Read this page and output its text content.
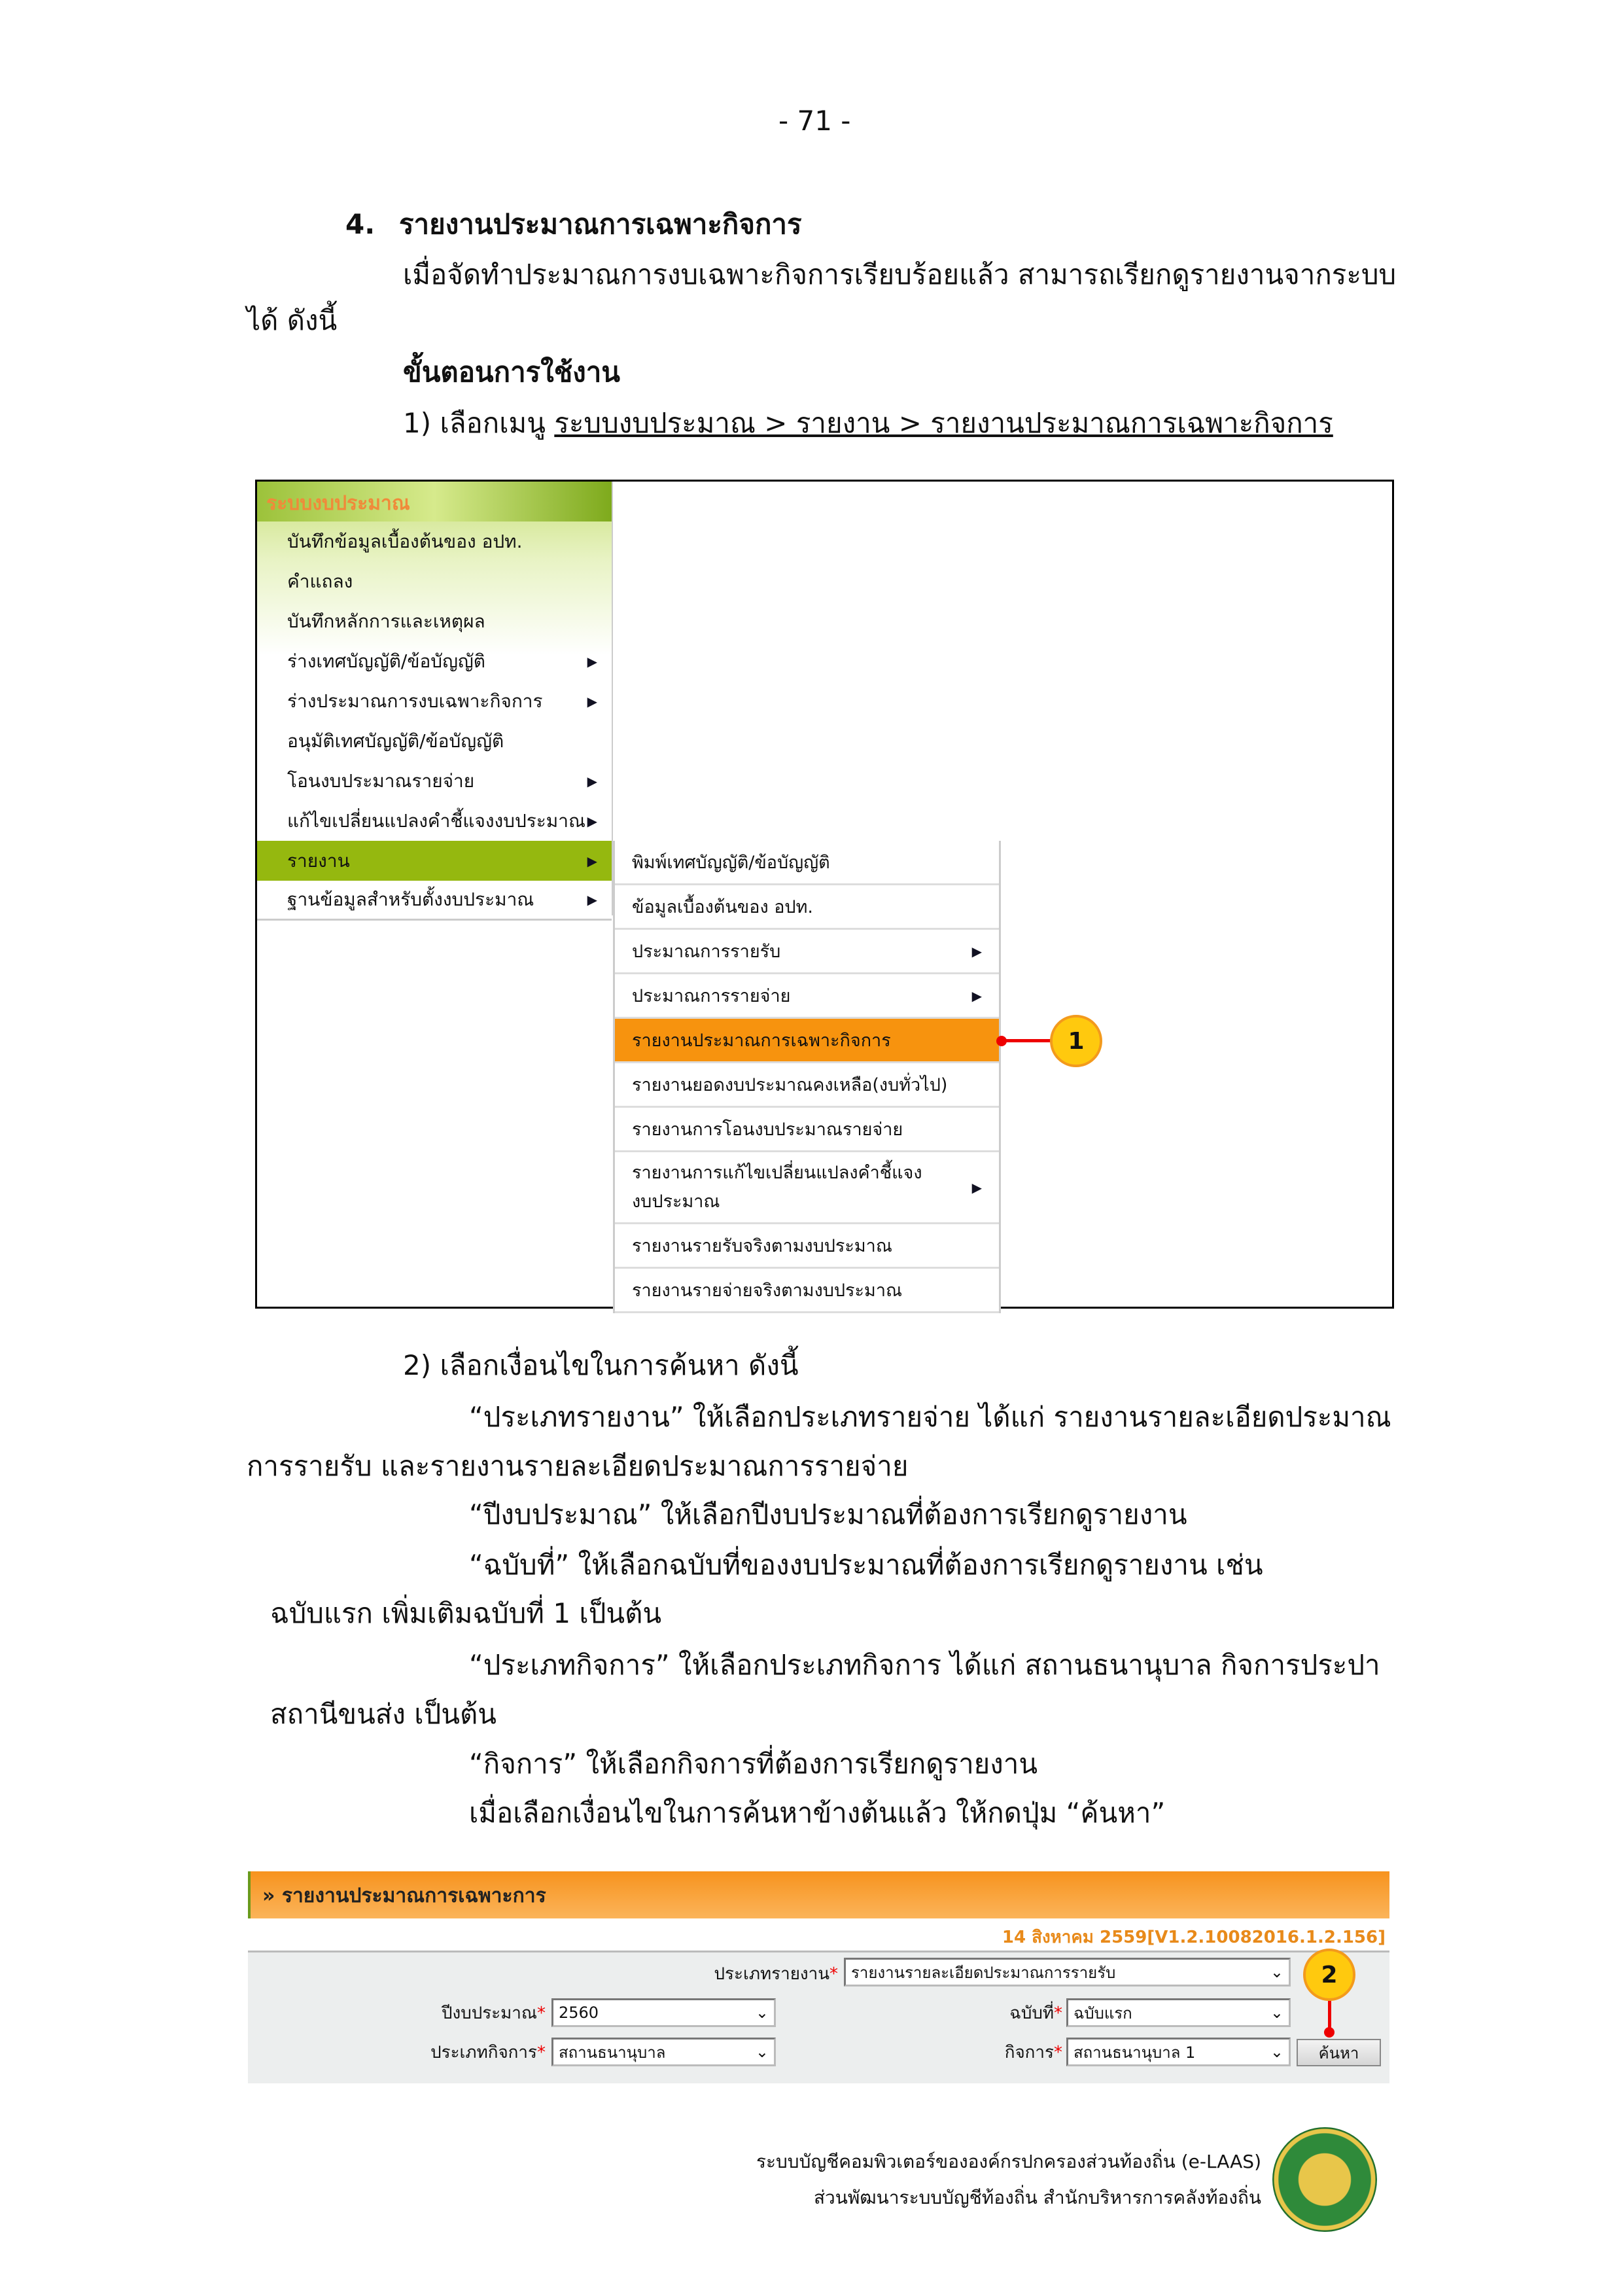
- 71 -
4. รายงานประมาณการเฉพาะกิจการ
เมื่อจัดทำประมาณการงบเฉพาะกิจการเรียบร้อยแล้ว สามารถเรียกดูรายงานจากระบบ
ได้ ดังนี้
ขั้นตอนการใช้งาน
1) เลือกเมนู ระบบงบประมาณ > รายงาน > รายงานประมาณการเฉพาะกิจการ
ระบบงบประมาณ
บันทึกข้อมูลเบื้องต้นของ อปท.
คำแถลง
บันทึกหลักการและเหตุผล
ร่างเทศบัญญัติ/ข้อบัญญัติ	▶
ร่างประมาณการงบเฉพาะกิจการ	▶
อนุมัติเทศบัญญัติ/ข้อบัญญัติ
โอนงบประมาณรายจ่าย	▶
แก้ไขเปลี่ยนแปลงคำชี้แจงงบประมาณ ▶
รายงาน	▶
ฐานข้อมูลสำหรับตั้งงบประมาณ	▶
พิมพ์เทศบัญญัติ/ข้อบัญญัติ
ข้อมูลเบื้องต้นของ อปท.
ประมาณการรายรับ	▶
ประมาณการรายจ่าย	▶
รายงานประมาณการเฉพาะกิจการ
รายงานยอดงบประมาณคงเหลือ(งบทั่วไป)
รายงานการโอนงบประมาณรายจ่าย
รายงานการแก้ไขเปลี่ยนแปลงคำชี้แจงงบประมาณ
▶
รายงานรายรับจริงตามงบประมาณ
รายงานรายจ่ายจริงตามงบประมาณ
1
2) เลือกเงื่อนไขในการค้นหา ดังนี้
“ประเภทรายงาน” ให้เลือกประเภทรายจ่าย ได้แก่ รายงานรายละเอียดประมาณ
การรายรับ และรายงานรายละเอียดประมาณการรายจ่าย
“ปีงบประมาณ” ให้เลือกปีงบประมาณที่ต้องการเรียกดูรายงาน
“ฉบับที่” ให้เลือกฉบับที่ของงบประมาณที่ต้องการเรียกดูรายงาน เช่น
ฉบับแรก เพิ่มเติมฉบับที่ 1 เป็นต้น
“ประเภทกิจการ” ให้เลือกประเภทกิจการ ได้แก่ สถานธนานุบาล กิจการประปา
สถานีขนส่ง เป็นต้น
“กิจการ” ให้เลือกกิจการที่ต้องการเรียกดูรายงาน
เมื่อเลือกเงื่อนไขในการค้นหาข้างต้นแล้ว ให้กดปุ่ม “ค้นหา”
» รายงานประมาณการเฉพาะการ
14 สิงหาคม 2559[V1.2.10082016.1.2.156]
ประเภทรายงาน* รายงานรายละเอียดประมาณการรายรับ	⌄
ปีงบประมาณ* 2560	⌄	ฉบับที่* ฉบับแรก	⌄
ประเภทกิจการ* สถานธนานุบาล	⌄	กิจการ* สถานธนานุบาล 1	⌄	ค้นหา
2
ระบบบัญชีคอมพิวเตอร์ขององค์กรปกครองส่วนท้องถิ่น (e-LAAS)
ส่วนพัฒนาระบบบัญชีท้องถิ่น สำนักบริหารการคลังท้องถิ่น
